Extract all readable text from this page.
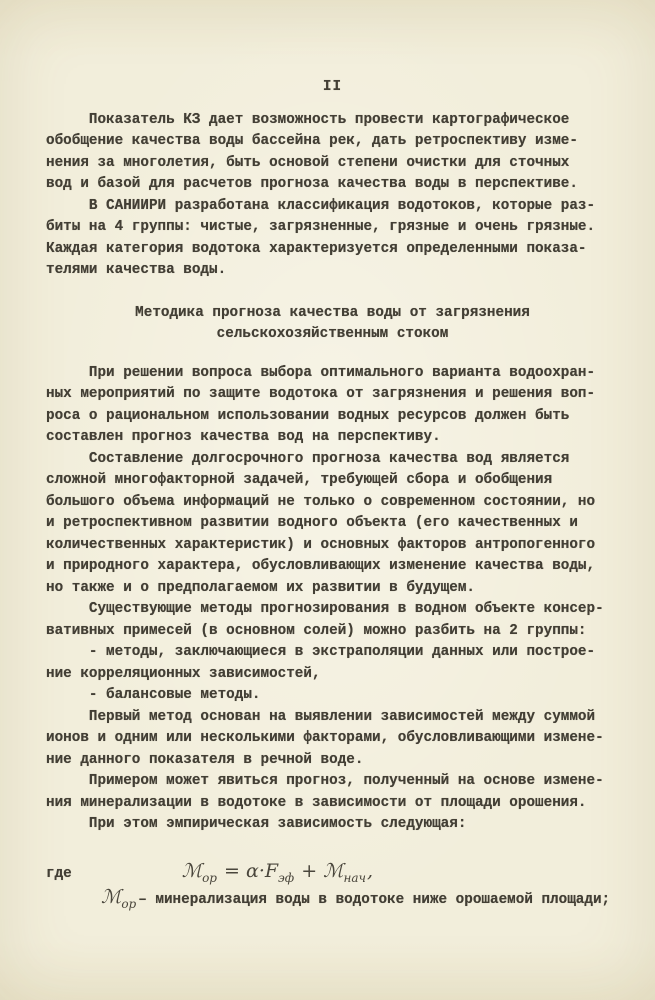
II
Показатель КЗ дает возможность провести картографическое
обобщение качества воды бассейна рек, дать ретроспективу изме-
нения за многолетия, быть основой степени очистки для сточных
вод и базой для расчетов прогноза качества воды в перспективе.
В САНИИРИ разработана классификация водотоков, которые раз-
биты на 4 группы: чистые, загрязненные, грязные и очень грязные.
Каждая категория водотока характеризуется определенными показа-
телями качества воды.
Методика прогноза качества воды от загрязнения
сельскохозяйственным стоком
При решении вопроса выбора оптимального варианта водоохран-
ных мероприятий по защите водотока от загрязнения и решения воп-
роса о рациональном использовании водных ресурсов должен быть
составлен прогноз качества вод на перспективу.
Составление долгосрочного прогноза качества вод является
сложной многофакторной задачей, требующей сбора и обобщения
большого объема информаций не только о современном состоянии, но
и ретроспективном развитии водного объекта (его качественных и
количественных характеристик) и основных факторов антропогенного
и природного характера, обусловливающих изменение качества воды,
но также и о предполагаемом их развитии в будущем.
Существующие методы прогнозирования в водном объекте консер-
вативных примесей (в основном солей) можно разбить на 2 группы:
- методы, заключающиеся в экстраполяции данных или построе-
ние корреляционных зависимостей,
- балансовые методы.
Первый метод основан на выявлении зависимостей между суммой
ионов и одним или несколькими факторами, обусловливающими измене-
ние данного показателя в речной воде.
Примером может явиться прогноз, полученный на основе измене-
ния минерализации в водотоке в зависимости от площади орошения.
При этом эмпирическая зависимость следующая:
где	ℳ$_{ор}$ = $\alpha\cdot F_{эф}$ + ℳ$_{нач}$,
ℳ$_{ор}$ – минерализация воды в водотоке ниже орошаемой площади;
